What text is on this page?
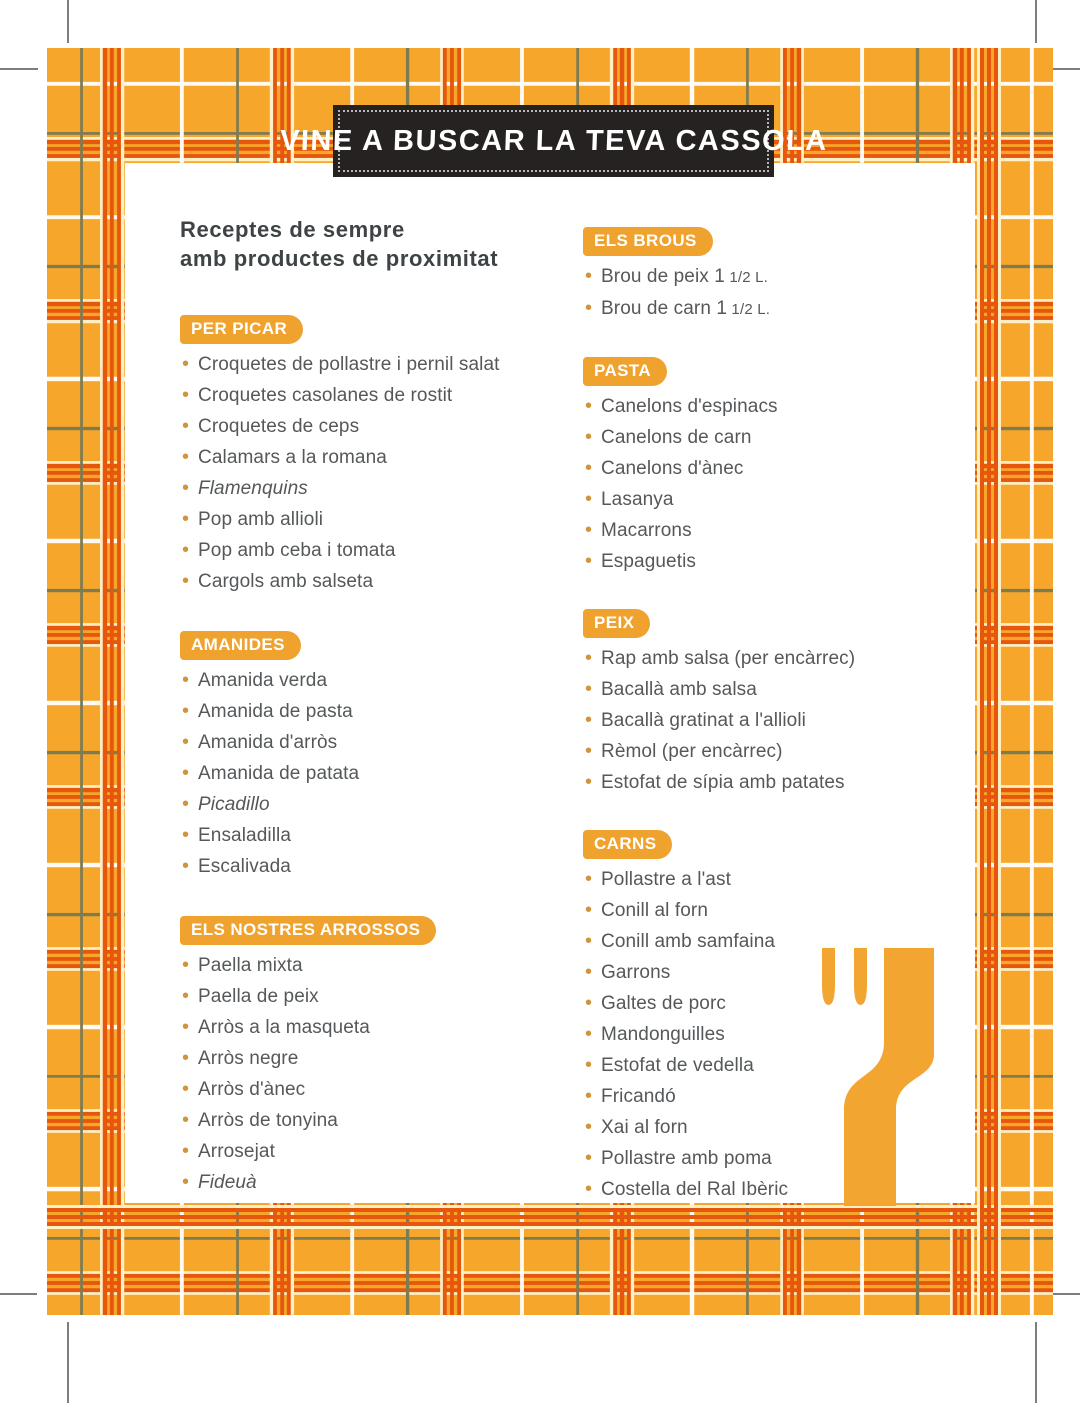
Receptes de sempre
amb productes de proximitat
PER PICAR
• Croquetes de pollastre i pernil salat
• Croquetes casolanes de rostit
• Croquetes de ceps
• Calamars a la romana
• Flamenquins
• Pop amb allioli
• Pop amb ceba i tomata
• Cargols amb salseta
AMANIDES
• Amanida verda
• Amanida de pasta
• Amanida d'arròs
• Amanida de patata
• Picadillo
• Ensaladilla
• Escalivada
ELS NOSTRES ARROSSOS
• Paella mixta
• Paella de peix
• Arròs a la masqueta
• Arròs negre
• Arròs d'ànec
• Arròs de tonyina
• Arrosejat
• Fideuà
ELS BROUS
• Brou de peix 1 1/2 L.
• Brou de carn 1 1/2 L.
PASTA
• Canelons d'espinacs
• Canelons de carn
• Canelons d'ànec
• Lasanya
• Macarrons
• Espaguetis
PEIX
• Rap amb salsa (per encàrrec)
• Bacallà amb salsa
• Bacallà gratinat a l'allioli
• Rèmol (per encàrrec)
• Estofat de sípia amb patates
CARNS
• Pollastre a l'ast
• Conill al forn
• Conill amb samfaina
• Garrons
• Galtes de porc
• Mandonguilles
• Estofat de vedella
• Fricandó
• Xai al forn
• Pollastre amb poma
• Costella del Ral Ibèric
VINE A BUSCAR LA TEVA CASSOLA
